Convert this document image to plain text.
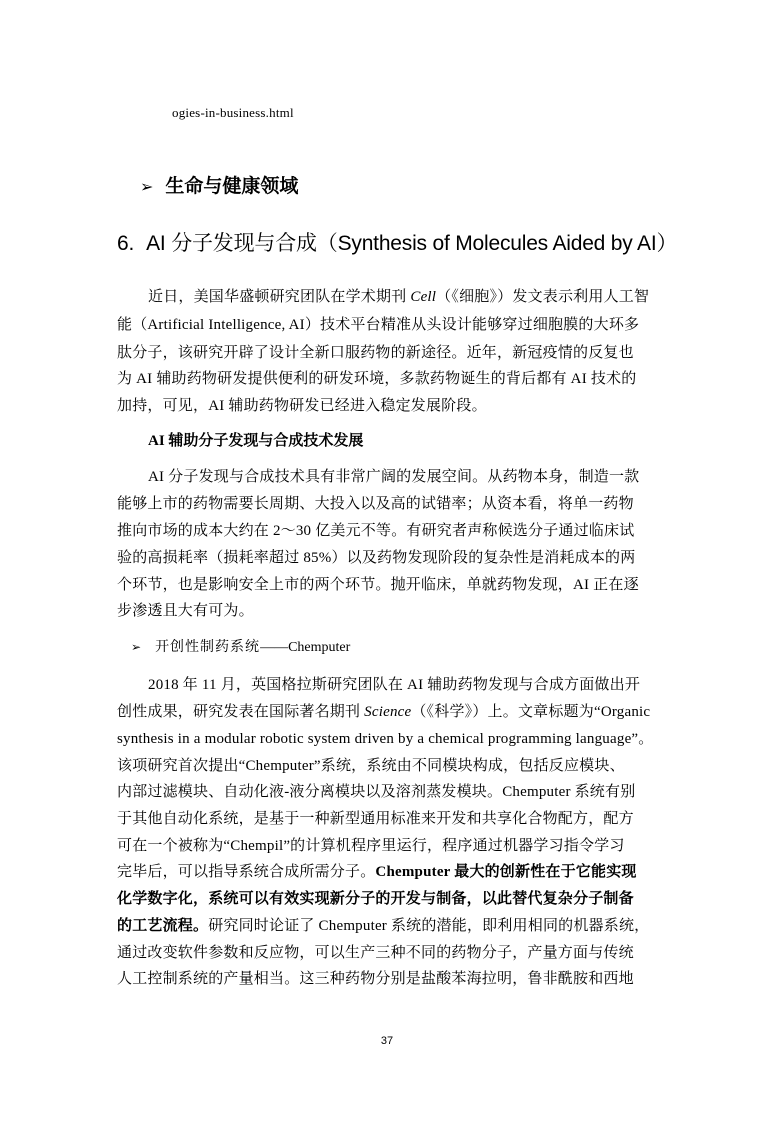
ogies-in-business.html
➢ 生命与健康领域
6. AI 分子发现与合成（Synthesis of Molecules Aided by AI）
近日，美国华盛顿研究团队在学术期刊 Cell（《细胞》）发文表示利用人工智
能（Artificial Intelligence, AI）技术平台精准从头设计能够穿过细胞膜的大环多
肽分子，该研究开辟了设计全新口服药物的新途径。近年，新冠疫情的反复也
为 AI 辅助药物研发提供便利的研发环境，多款药物诞生的背后都有 AI 技术的
加持，可见，AI 辅助药物研发已经进入稳定发展阶段。
AI 辅助分子发现与合成技术发展
AI 分子发现与合成技术具有非常广阔的发展空间。从药物本身，制造一款
能够上市的药物需要长周期、大投入以及高的试错率；从资本看，将单一药物
推向市场的成本大约在 2～30 亿美元不等。有研究者声称候选分子通过临床试
验的高损耗率（损耗率超过 85%）以及药物发现阶段的复杂性是消耗成本的两
个环节，也是影响安全上市的两个环节。抛开临床，单就药物发现，AI 正在逐
步渗透且大有可为。
➢ 开创性制药系统——Chemputer
2018 年 11 月，英国格拉斯研究团队在 AI 辅助药物发现与合成方面做出开
创性成果，研究发表在国际著名期刊 Science（《科学》）上。文章标题为“Organic
synthesis in a modular robotic system driven by a chemical programming language”。
该项研究首次提出“Chemputer”系统，系统由不同模块构成，包括反应模块、
内部过滤模块、自动化液-液分离模块以及溶剂蒸发模块。Chemputer 系统有别
于其他自动化系统，是基于一种新型通用标准来开发和共享化合物配方，配方
可在一个被称为“Chempil”的计算机程序里运行，程序通过机器学习指令学习
完毕后，可以指导系统合成所需分子。Chemputer 最大的创新性在于它能实现
化学数字化，系统可以有效实现新分子的开发与制备，以此替代复杂分子制备
的工艺流程。研究同时论证了 Chemputer 系统的潜能，即利用相同的机器系统，
通过改变软件参数和反应物，可以生产三种不同的药物分子，产量方面与传统
人工控制系统的产量相当。这三种药物分别是盐酸苯海拉明，鲁非酰胺和西地
37
